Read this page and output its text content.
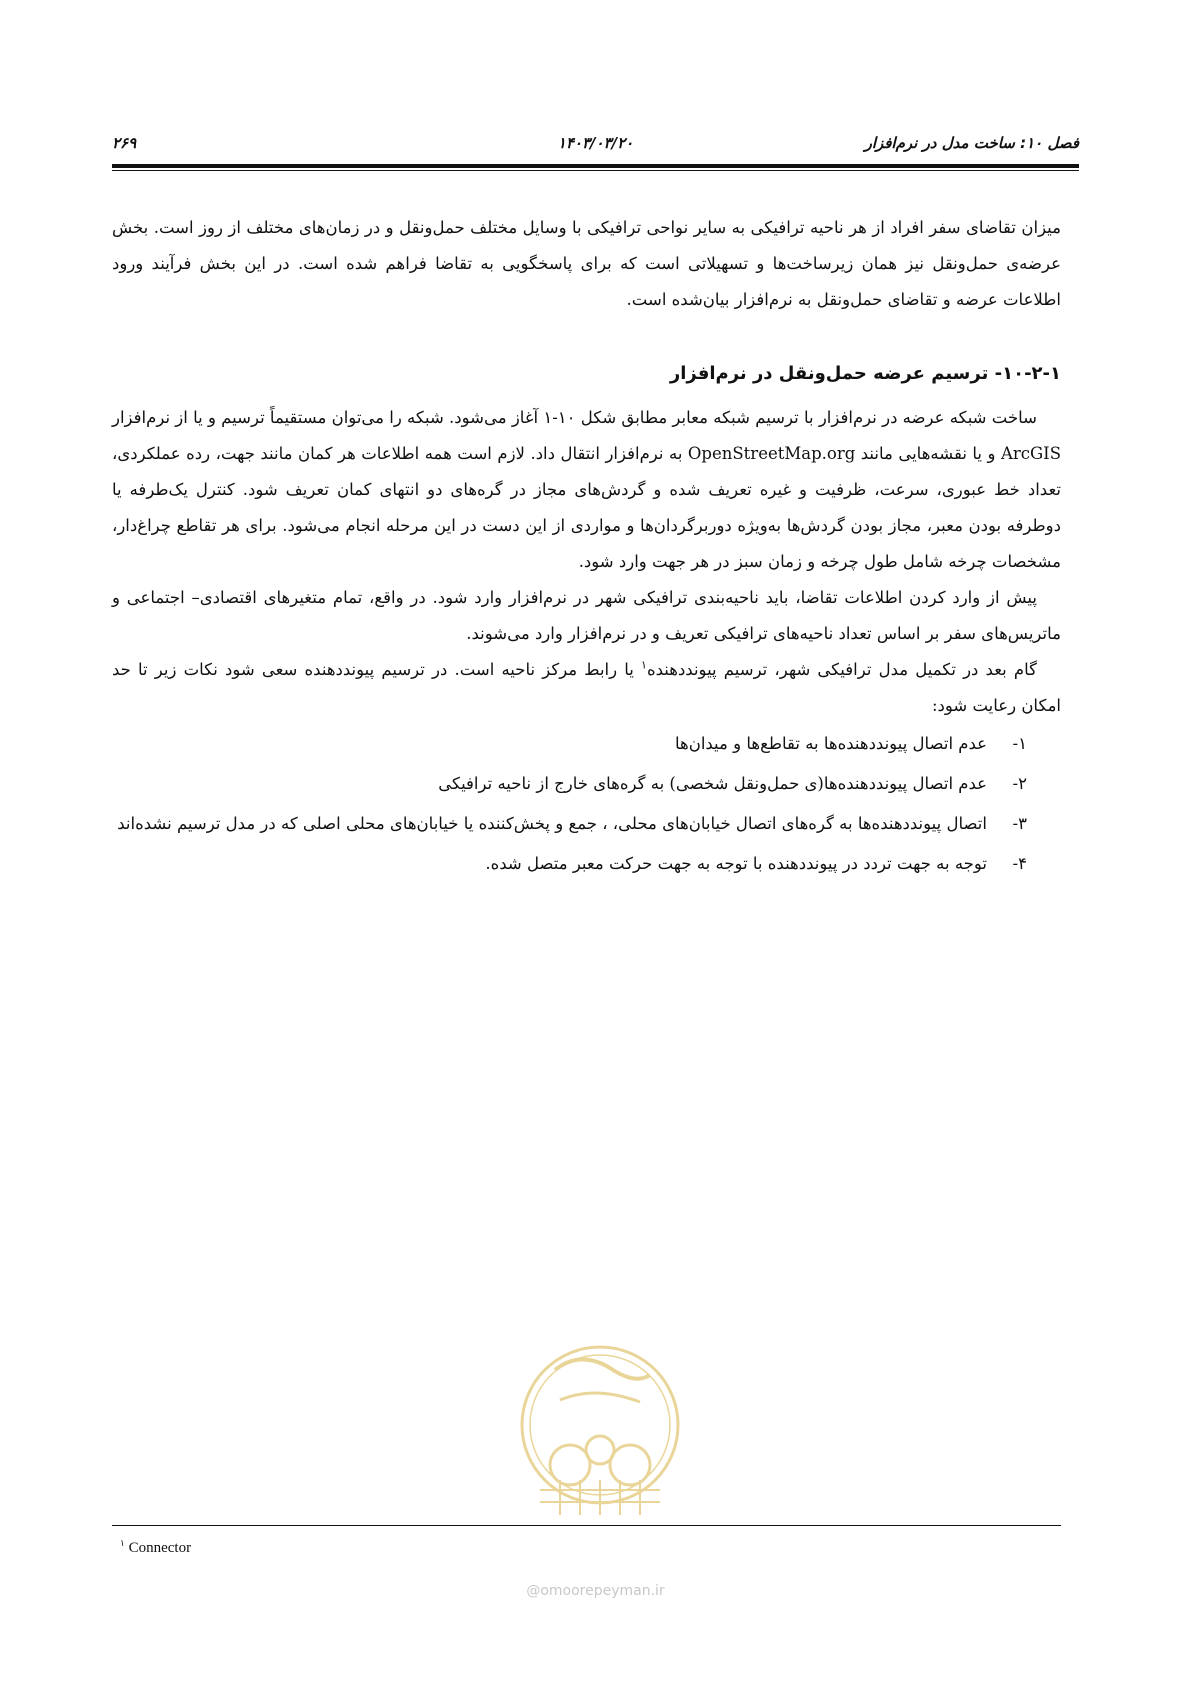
فصل ۱۰: ساخت مدل در نرم‌افزار
۱۴۰۳/۰۳/۲۰
۲۶۹

میزان تقاضای سفر افراد از هر ناحیه ترافیکی به سایر نواحی ترافیکی با وسایل مختلف حمل‌ونقل و در زمان‌های مختلف از روز است. بخش عرضه‌ی حمل‌ونقل نیز همان زیرساخت‌ها و تسهیلاتی است که برای پاسخگویی به تقاضا فراهم شده است. در این بخش فرآیند ورود اطلاعات عرضه و تقاضای حمل‌ونقل به نرم‌افزار بیان‌شده است.

۱۰-۲-۱- ترسیم عرضه حمل‌ونقل در نرم‌افزار

ساخت شبکه عرضه در نرم‌افزار با ترسیم شبکه معابر مطابق شکل ۱۰-۱ آغاز می‌شود. شبکه را می‌توان مستقیماً ترسیم و یا از نرم‌افزار ArcGIS و یا نقشه‌هایی مانند OpenStreetMap.org به نرم‌افزار انتقال داد. لازم است همه اطلاعات هر کمان مانند جهت، رده عملکردی، تعداد خط عبوری، سرعت، ظرفیت و غیره تعریف شده و گردش‌های مجاز در گره‌های دو انتهای کمان تعریف شود. کنترل یک‌طرفه یا دوطرفه بودن معبر، مجاز بودن گردش‌ها به‌ویژه دوربرگردان‌ها و مواردی از این دست در این مرحله انجام می‌شود. برای هر تقاطع چراغ‌دار، مشخصات چرخه شامل طول چرخه و زمان سبز در هر جهت وارد شود.

پیش از وارد کردن اطلاعات تقاضا، باید ناحیه‌بندی ترافیکی شهر در نرم‌افزار وارد شود. در واقع، تمام متغیرهای اقتصادی– اجتماعی و ماتریس‌های سفر بر اساس تعداد ناحیه‌های ترافیکی تعریف و در نرم‌افزار وارد می‌شوند.

گام بعد در تکمیل مدل ترافیکی شهر، ترسیم پیونددهنده$^۱$ یا رابط مرکز ناحیه است. در ترسیم پیونددهنده سعی شود نکات زیر تا حد امکان رعایت شود:

۱-
عدم اتصال پیونددهنده‌ها به تقاطع‌ها و میدان‌ها
۲-
عدم اتصال پیونددهنده‌ها(ی حمل‌ونقل شخصی) به گره‌های خارج از ناحیه ترافیکی
۳-
اتصال پیونددهنده‌ها به گره‌های اتصال خیابان‌های محلی، ، جمع و پخش‌کننده یا خیابان‌های محلی اصلی که در مدل ترسیم نشده‌اند
۴-
توجه به جهت تردد در پیونددهنده با توجه به جهت حرکت معبر متصل شده.
$^۱$ Connector
@omoorepeyman.ir
